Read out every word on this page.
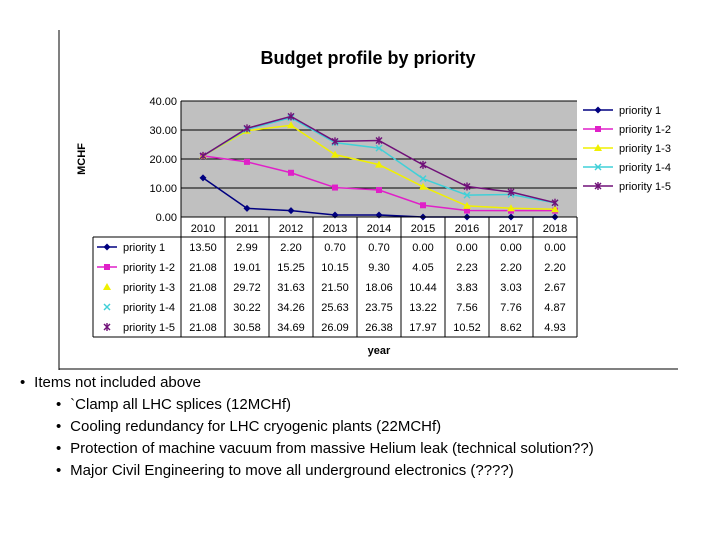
Budget profile by priority
MCHF
year
40.00
30.00
20.00
10.00
0.00
2010 2011 2012 2013 2014 2015 2016 2017 2018
priority 1 13.50 2.99 2.20 0.70 0.70 0.00 0.00 0.00 0.00
priority 1-2 21.08 19.01 15.25 10.15 9.30 4.05 2.23 2.20 2.20
priority 1-3 21.08 29.72 31.63 21.50 18.06 10.44 3.83 3.03 2.67
priority 1-4 21.08 30.22 34.26 25.63 23.75 13.22 7.56 7.76 4.87
priority 1-5 21.08 30.58 34.69 26.09 26.38 17.97 10.52 8.62 4.93
priority 1
priority 1-2
priority 1-3
priority 1-4
priority 1-5

• Items not included above

• `Clamp all LHC splices (12MCHf)
• Cooling redundancy for LHC cryogenic plants (22MCHf)
• Protection of machine vacuum from massive Helium leak (technical solution??)
• Major Civil Engineering to move all underground electronics (????)
